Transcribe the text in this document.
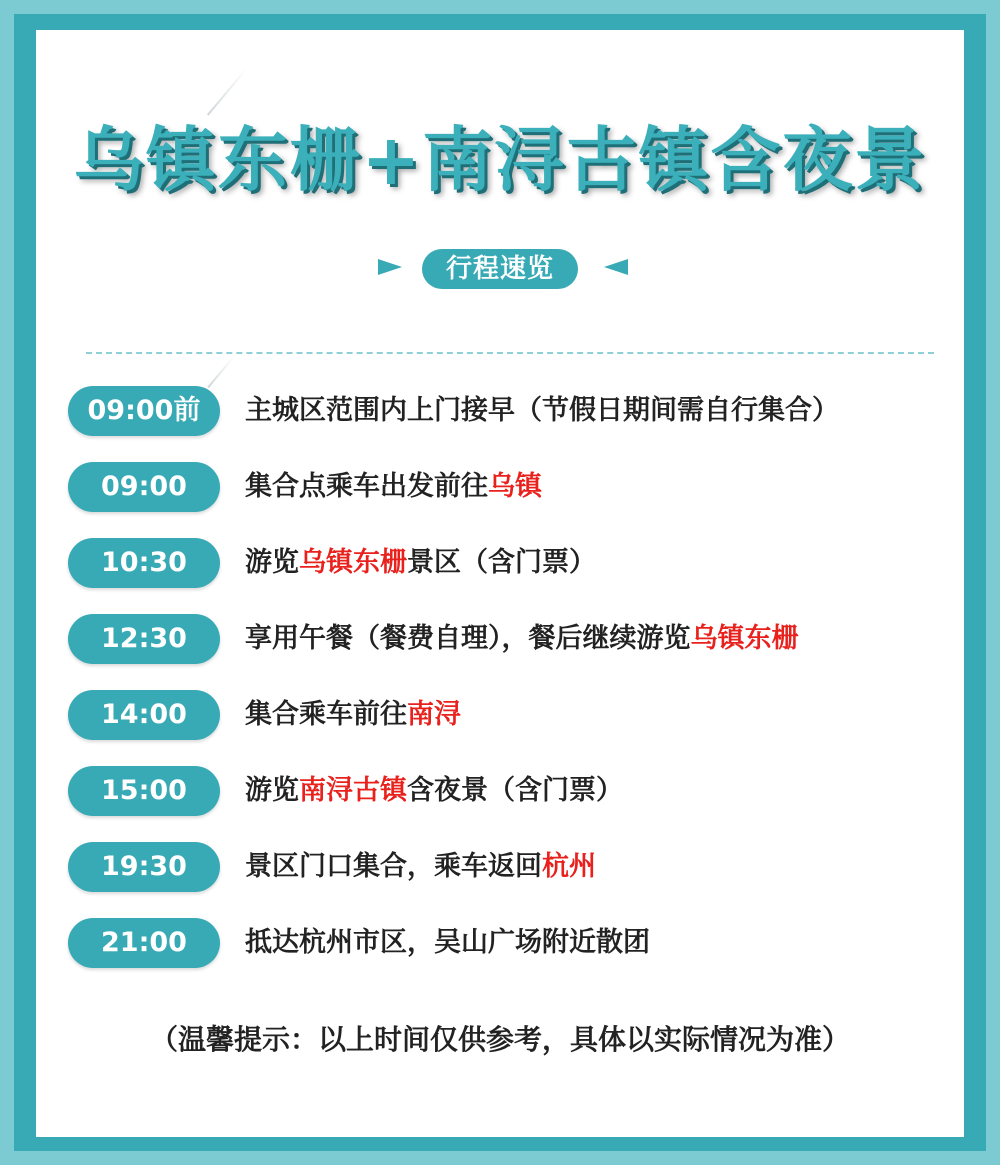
乌镇东栅+南浔古镇含夜景
行程速览
09:00前	主城区范围内上门接早（节假日期间需自行集合）
09:00	集合点乘车出发前往乌镇
10:30	游览乌镇东栅景区（含门票）
12:30	享用午餐（餐费自理），餐后继续游览乌镇东栅
14:00	集合乘车前往南浔
15:00	游览南浔古镇含夜景（含门票）
19:30	景区门口集合，乘车返回杭州
21:00	抵达杭州市区，吴山广场附近散团
（温馨提示：以上时间仅供参考，具体以实际情况为准）
